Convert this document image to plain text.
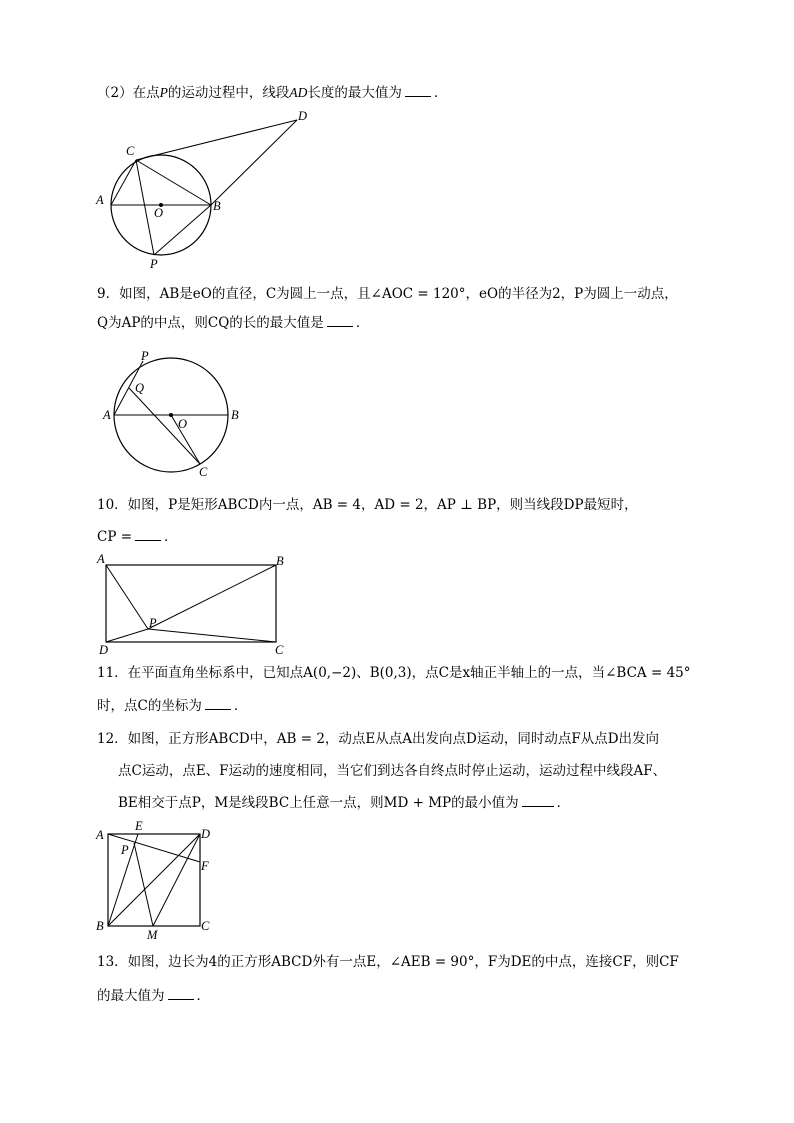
（2）在点P的运动过程中，线段AD长度的最大值为 ．
D
C
A
O	B
P
9．如图，AB是eO的直径，C为圆上一点，且∠AOC = 120°，eO的半径为2，P为圆上一动点，
Q为AP的中点，则CQ的长的最大值是 ．
P
Q
A
O
B
C
10．如图，P是矩形ABCD内一点，AB = 4，AD = 2，AP ⊥ BP，则当线段DP最短时，
CP = ．
A	B
P
D	C
11．在平面直角坐标系中，已知点A(0,−2)、B(0,3)，点C是x轴正半轴上的一点，当∠BCA = 45°
时，点C的坐标为 ．
12．如图，正方形ABCD中，AB = 2，动点E从点A出发向点D运动，同时动点F从点D出发向
点C运动，点E、F运动的速度相同，当它们到达各自终点时停止运动，运动过程中线段AF、
BE相交于点P，M是线段BC上任意一点，则MD + MP的最小值为	．
A
E
D
P
F
B
M
C
13．如图，边长为4的正方形ABCD外有一点E，∠AEB = 90°，F为DE的中点，连接CF，则CF
的最大值为 ．
